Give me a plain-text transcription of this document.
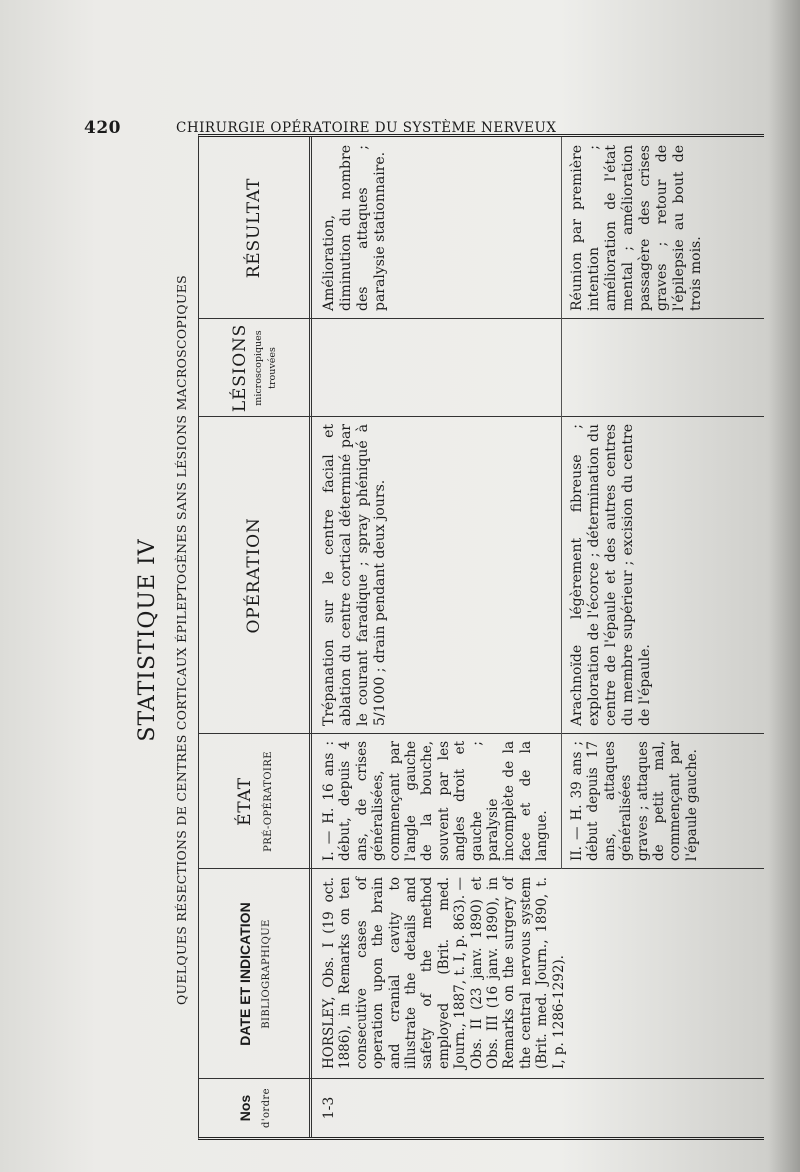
420	CHIRURGIE OPÉRATOIRE DU SYSTÈME NERVEUX
STATISTIQUE IV	QUELQUES RÉSECTIONS DE CENTRES CORTICAUX ÉPILEPTOGÈNES SANS LÉSIONS MACROSCOPIQUES
Nos d'ordre
DATE ET INDICATION BIBLIOGRAPHIQUE
ÉTAT PRÉ-OPÉRATOIRE
OPÉRATION
LÉSIONS microscopiques trouvées
RÉSULTAT
1-3
HORSLEY, Obs. I (19 oct. 1886), in Remarks on ten consecutive cases of operation upon the brain and cranial cavity to illustrate the details and safety of the method employed (Brit. med. Journ., 1887, t. I, p. 863). — Obs. II (23 janv. 1890) et Obs. III (16 janv. 1890), in Remarks on the surgery of the central nervous system (Brit. med. Journ., 1890, t. I, p. 1286-1292).
I. — H. 16 ans : début, depuis 4 ans, de crises généralisées, commençant par l'angle gauche de la bouche, souvent par les angles droit et gauche ; paralysie incomplète de la face et de la langue.
Trépanation sur le centre facial et ablation du centre cortical déterminé par le courant faradique ; spray phéniqué à 5/1000 ; drain pendant deux jours.
Amélioration, diminution du nombre des attaques ; paralysie stationnaire.
II. — H. 39 ans ; début depuis 17 ans, attaques généralisées graves ; attaques de petit mal, commençant par l'épaule gauche.
Arachnoïde légèrement fibreuse ; exploration de l'écorce ; détermination du centre de l'épaule et des autres centres du membre supérieur ; excision du centre de l'épaule.
Réunion par première intention ; amélioration de l'état mental ; amélioration passagère des crises graves ; retour de l'épilepsie au bout de trois mois.
